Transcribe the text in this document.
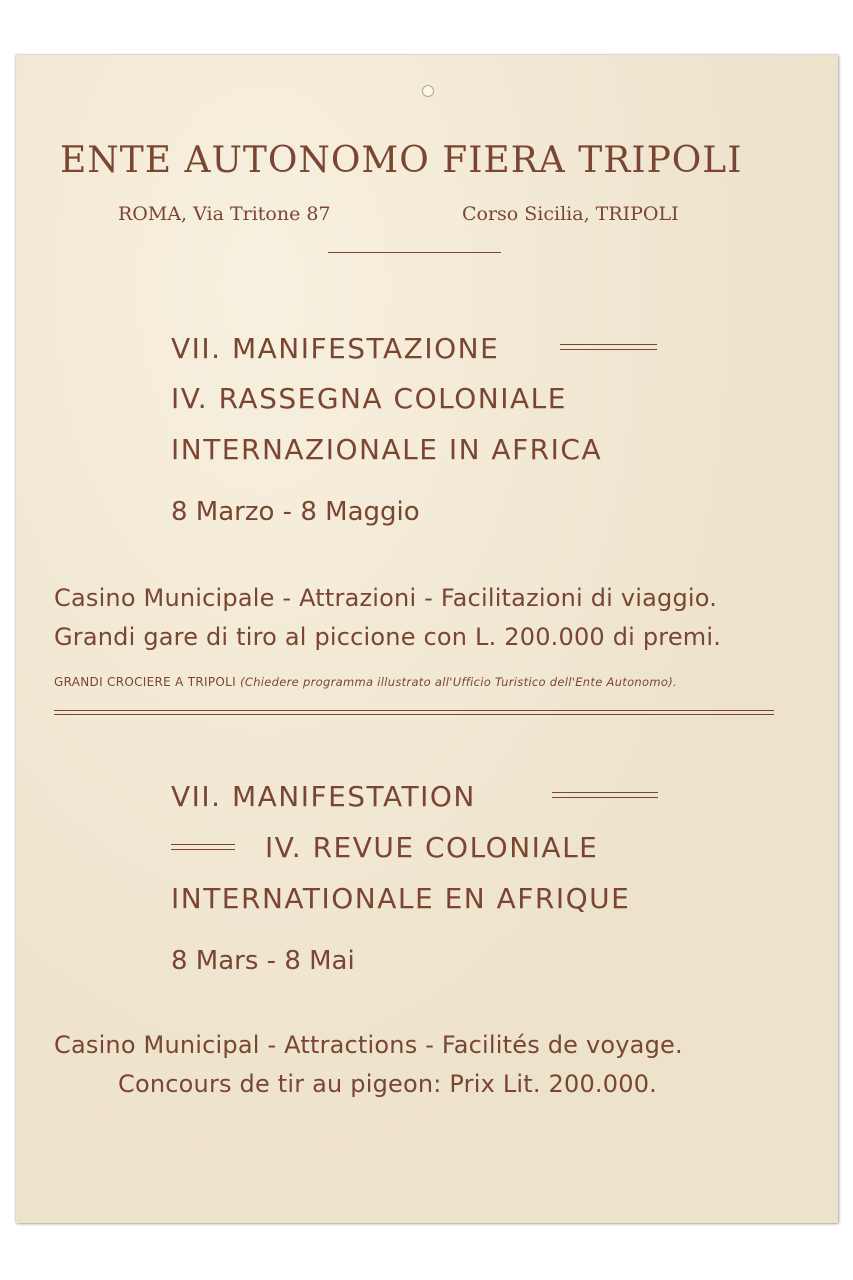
ENTE AUTONOMO FIERA TRIPOLI
ROMA, Via Tritone 87	Corso Sicilia, TRIPOLI
VII. MANIFESTAZIONE
IV. RASSEGNA COLONIALE
INTERNAZIONALE IN AFRICA
8 Marzo - 8 Maggio
Casino Municipale - Attrazioni - Facilitazioni di viaggio.
Grandi gare di tiro al piccione con L. 200.000 di premi.
GRANDI CROCIERE A TRIPOLI (Chiedere programma illustrato all'Ufficio Turistico dell'Ente Autonomo).
VII. MANIFESTATION
IV. REVUE COLONIALE
INTERNATIONALE EN AFRIQUE
8 Mars - 8 Mai
Casino Municipal - Attractions - Facilités de voyage.
Concours de tir au pigeon: Prix Lit. 200.000.
